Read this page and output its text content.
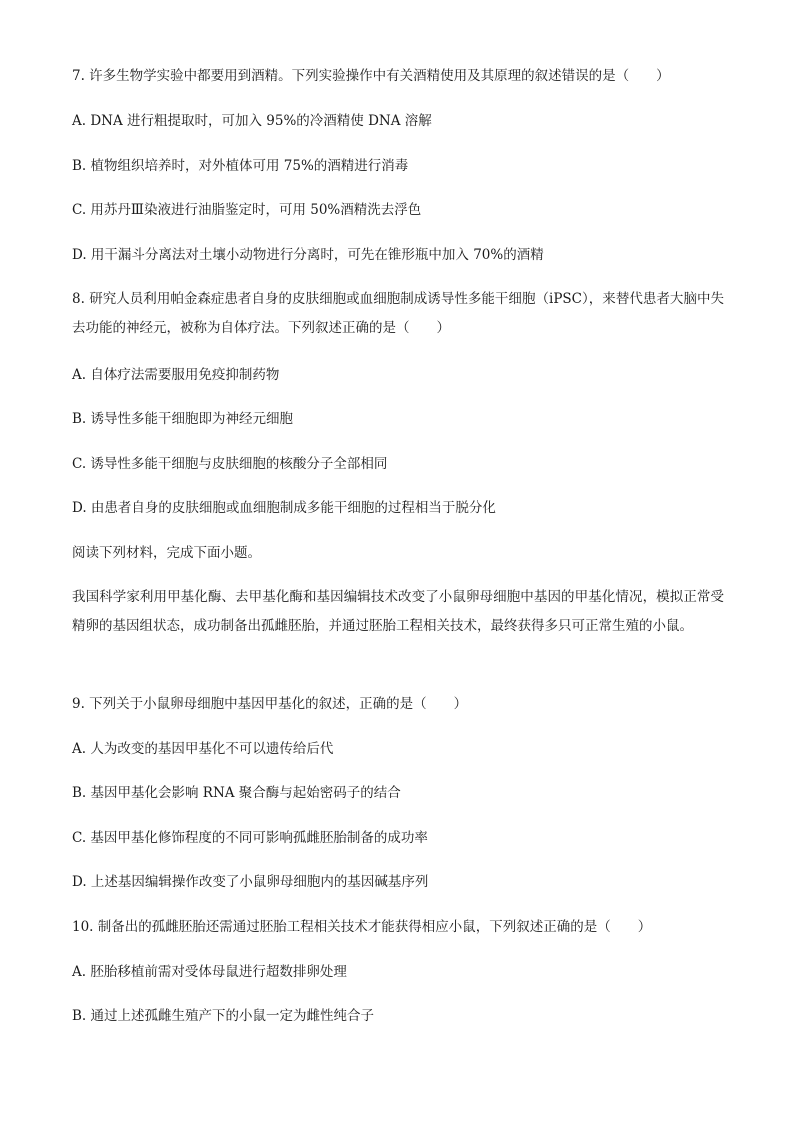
7. 许多生物学实验中都要用到酒精。下列实验操作中有关酒精使用及其原理的叙述错误的是（　　）
A. DNA 进行粗提取时，可加入 95%的冷酒精使 DNA 溶解
B. 植物组织培养时，对外植体可用 75%的酒精进行消毒
C. 用苏丹Ⅲ染液进行油脂鉴定时，可用 50%酒精洗去浮色
D. 用干漏斗分离法对土壤小动物进行分离时，可先在锥形瓶中加入 70%的酒精
8. 研究人员利用帕金森症患者自身的皮肤细胞或血细胞制成诱导性多能干细胞（iPSC），来替代患者大脑中失去功能的神经元，被称为自体疗法。下列叙述正确的是（　　）
A. 自体疗法需要服用免疫抑制药物
B. 诱导性多能干细胞即为神经元细胞
C. 诱导性多能干细胞与皮肤细胞的核酸分子全部相同
D. 由患者自身的皮肤细胞或血细胞制成多能干细胞的过程相当于脱分化
阅读下列材料，完成下面小题。
我国科学家利用甲基化酶、去甲基化酶和基因编辑技术改变了小鼠卵母细胞中基因的甲基化情况，模拟正常受精卵的基因组状态，成功制备出孤雌胚胎，并通过胚胎工程相关技术，最终获得多只可正常生殖的小鼠。
9. 下列关于小鼠卵母细胞中基因甲基化的叙述，正确的是（　　）
A. 人为改变的基因甲基化不可以遗传给后代
B. 基因甲基化会影响 RNA 聚合酶与起始密码子的结合
C. 基因甲基化修饰程度的不同可影响孤雌胚胎制备的成功率
D. 上述基因编辑操作改变了小鼠卵母细胞内的基因碱基序列
10. 制备出的孤雌胚胎还需通过胚胎工程相关技术才能获得相应小鼠，下列叙述正确的是（　　）
A. 胚胎移植前需对受体母鼠进行超数排卵处理
B. 通过上述孤雌生殖产下的小鼠一定为雌性纯合子
